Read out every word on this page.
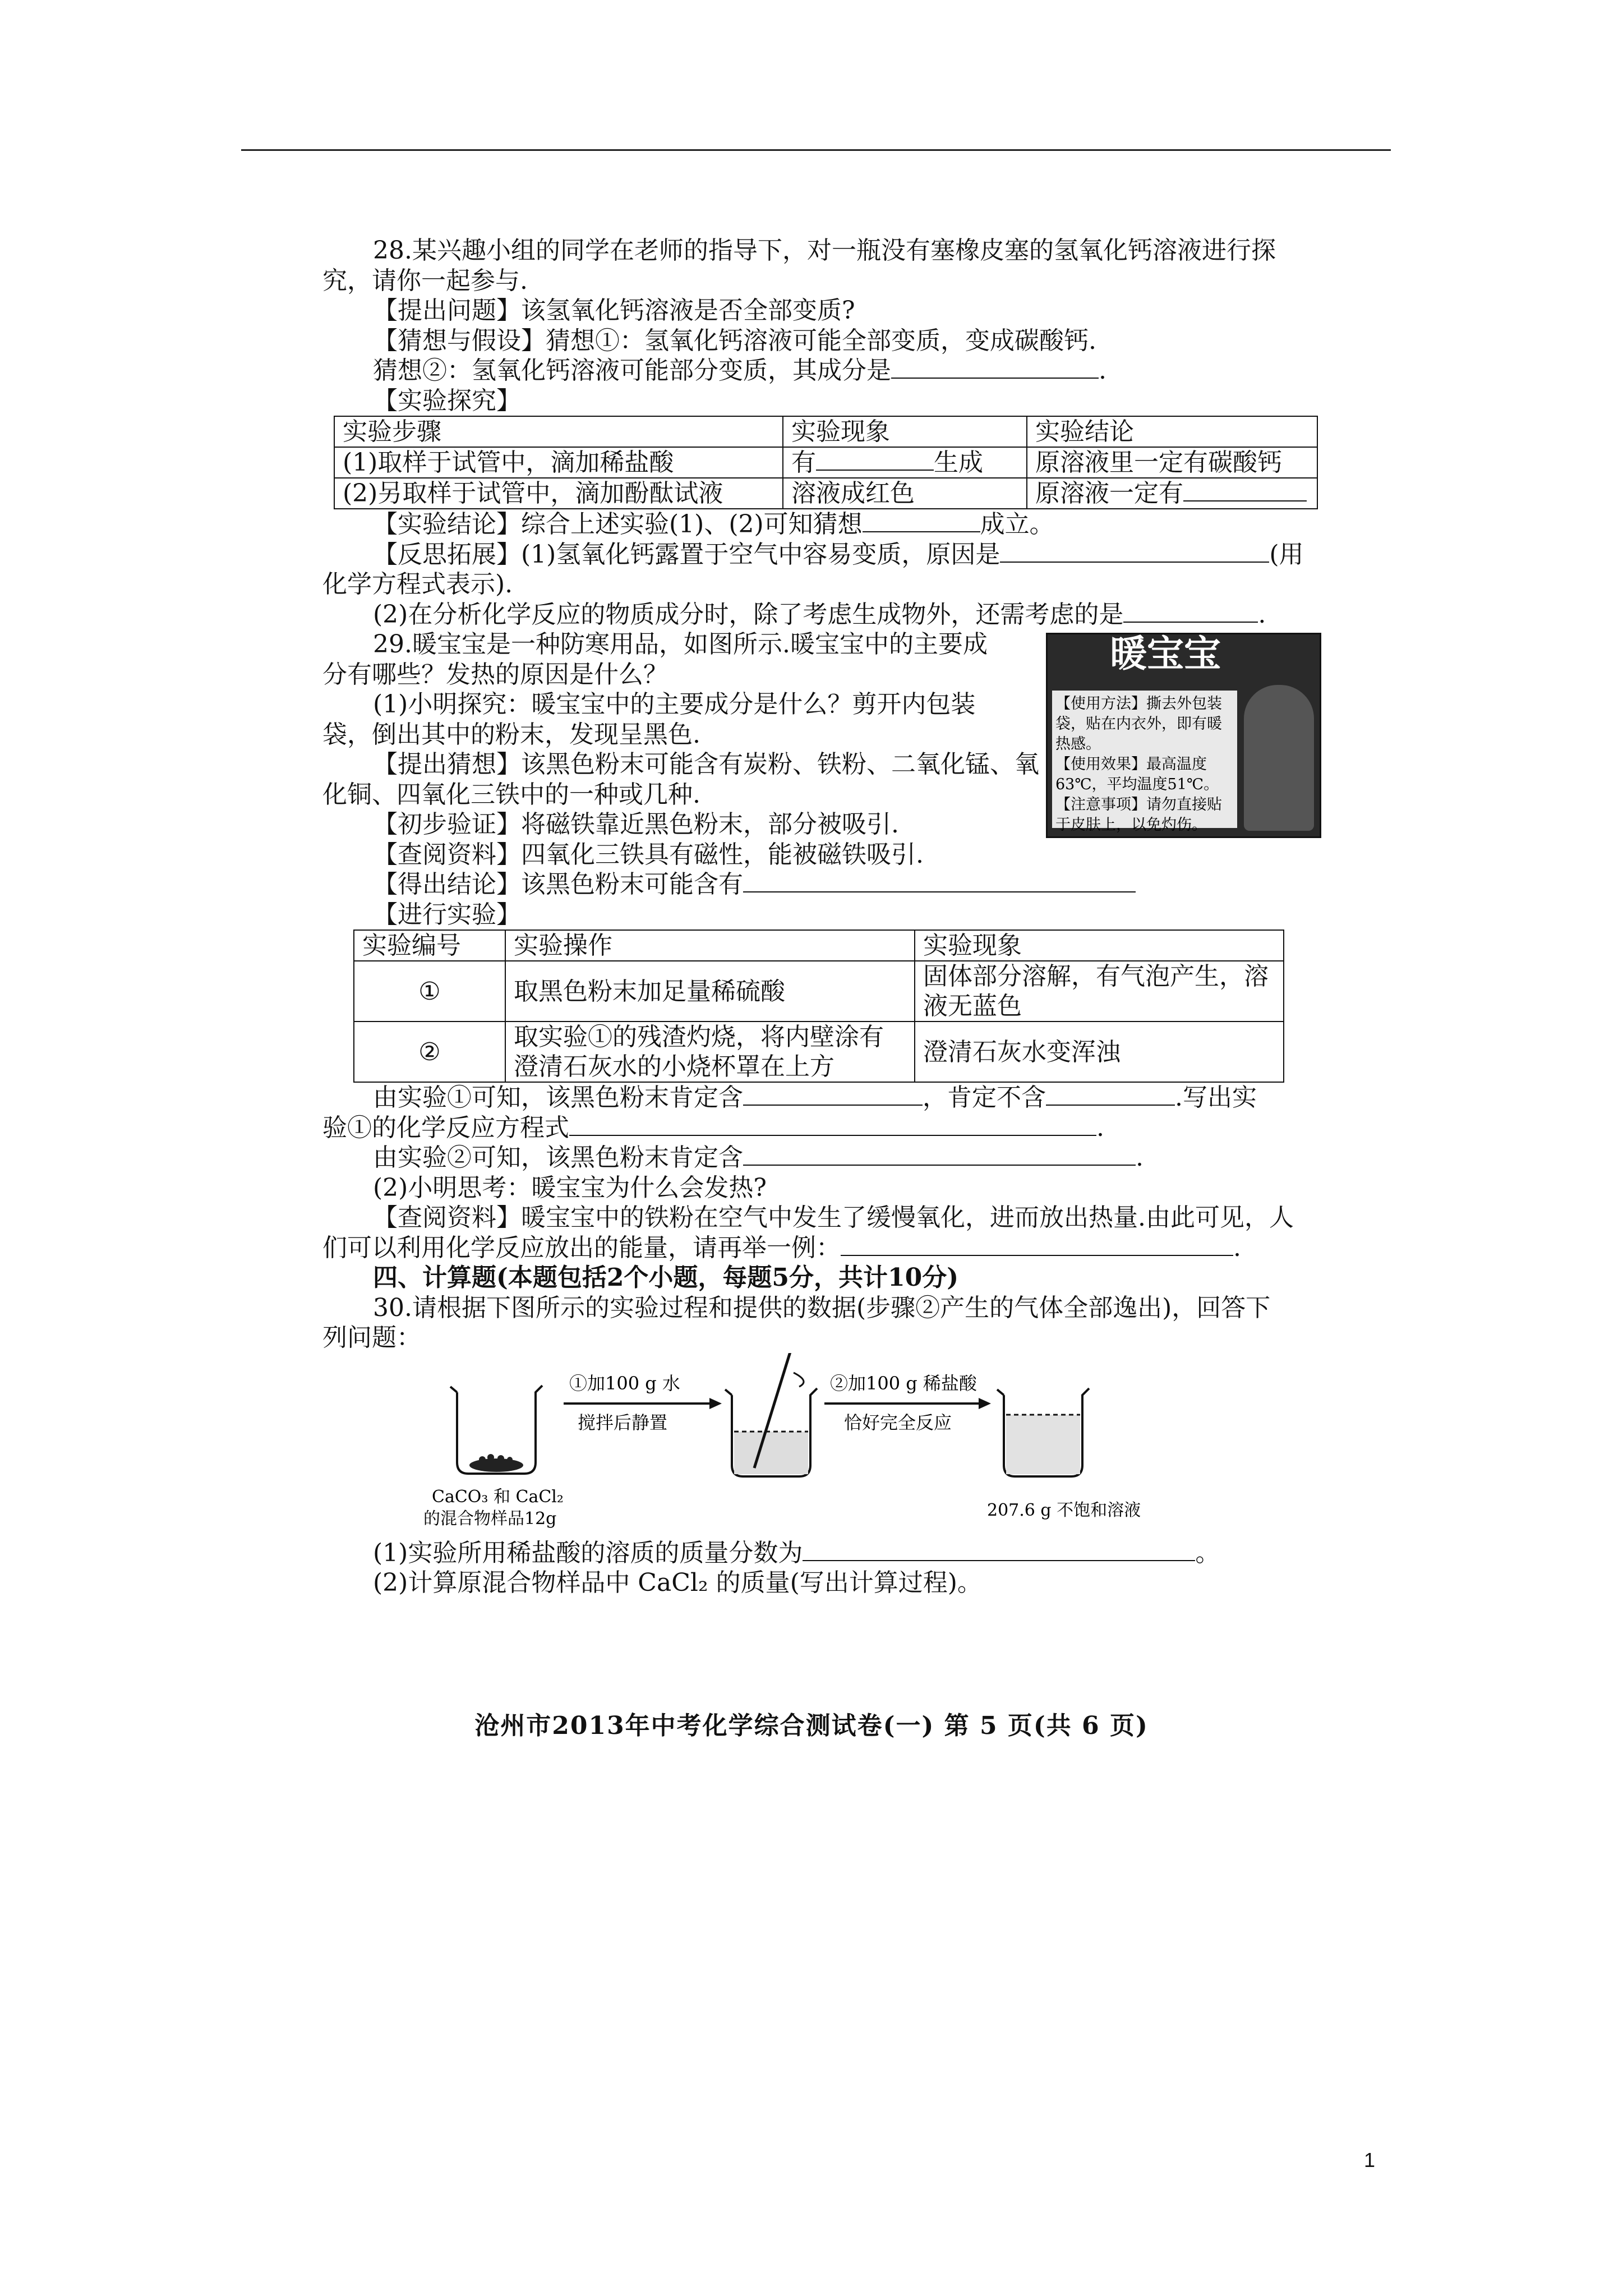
28.某兴趣小组的同学在老师的指导下，对一瓶没有塞橡皮塞的氢氧化钙溶液进行探

究，请你一起参与.

【提出问题】该氢氧化钙溶液是否全部变质?

【猜想与假设】猜想①：氢氧化钙溶液可能全部变质，变成碳酸钙.

猜想②：氢氧化钙溶液可能部分变质，其成分是	.

【实验探究】

实验步骤	实验现象	实验结论
(1)取样于试管中，滴加稀盐酸	有 生成	原溶液里一定有碳酸钙
(2)另取样于试管中，滴加酚酞试液	溶液成红色	原溶液一定有

【实验结论】综合上述实验(1)、(2)可知猜想	成立。

【反思拓展】(1)氢氧化钙露置于空气中容易变质，原因是	(用

化学方程式表示).

(2)在分析化学反应的物质成分时，除了考虑生成物外，还需考虑的是	.

暖宝宝
【使用方法】撕去外包装袋，贴在内衣外，即有暖热感。
【使用效果】最高温度63℃，平均温度51℃。
【注意事项】请勿直接贴于皮肤上，以免灼伤。

29.暖宝宝是一种防寒用品，如图所示.暖宝宝中的主要成

分有哪些？发热的原因是什么？

(1)小明探究：暖宝宝中的主要成分是什么？剪开内包装

袋，倒出其中的粉末，发现呈黑色.

【提出猜想】该黑色粉末可能含有炭粉、铁粉、二氧化锰、氧

化铜、四氧化三铁中的一种或几种.

【初步验证】将磁铁靠近黑色粉末，部分被吸引.

【查阅资料】四氧化三铁具有磁性，能被磁铁吸引.

【得出结论】该黑色粉末可能含有

【进行实验】

实验编号	实验操作	实验现象
①	取黑色粉末加足量稀硫酸	固体部分溶解，有气泡产生，溶
液无蓝色

②	取实验①的残渣灼烧，将内壁涂有
澄清石灰水的小烧杯罩在上方	澄清石灰水变浑浊

由实验①可知，该黑色粉末肯定含	，肯定不含	.写出实

验①的化学反应方程式	.

由实验②可知，该黑色粉末肯定含	.

(2)小明思考：暖宝宝为什么会发热?

【查阅资料】暖宝宝中的铁粉在空气中发生了缓慢氧化，进而放出热量.由此可见，人

们可以利用化学反应放出的能量，请再举一例：	.

四、计算题(本题包括2个小题，每题5分，共计10分)

30.请根据下图所示的实验过程和提供的数据(步骤②产生的气体全部逸出)，回答下

列问题：

CaCO₃ 和 CaCl₂
的混合物样品12g
①加100 g 水
搅拌后静置
②加100 g 稀盐酸
恰好完全反应
207.6 g 不饱和溶液

(1)实验所用稀盐酸的溶质的质量分数为	。

(2)计算原混合物样品中 CaCl₂ 的质量(写出计算过程)。

沧州市2013年中考化学综合测试卷(一) 第 5 页(共 6 页)
1
